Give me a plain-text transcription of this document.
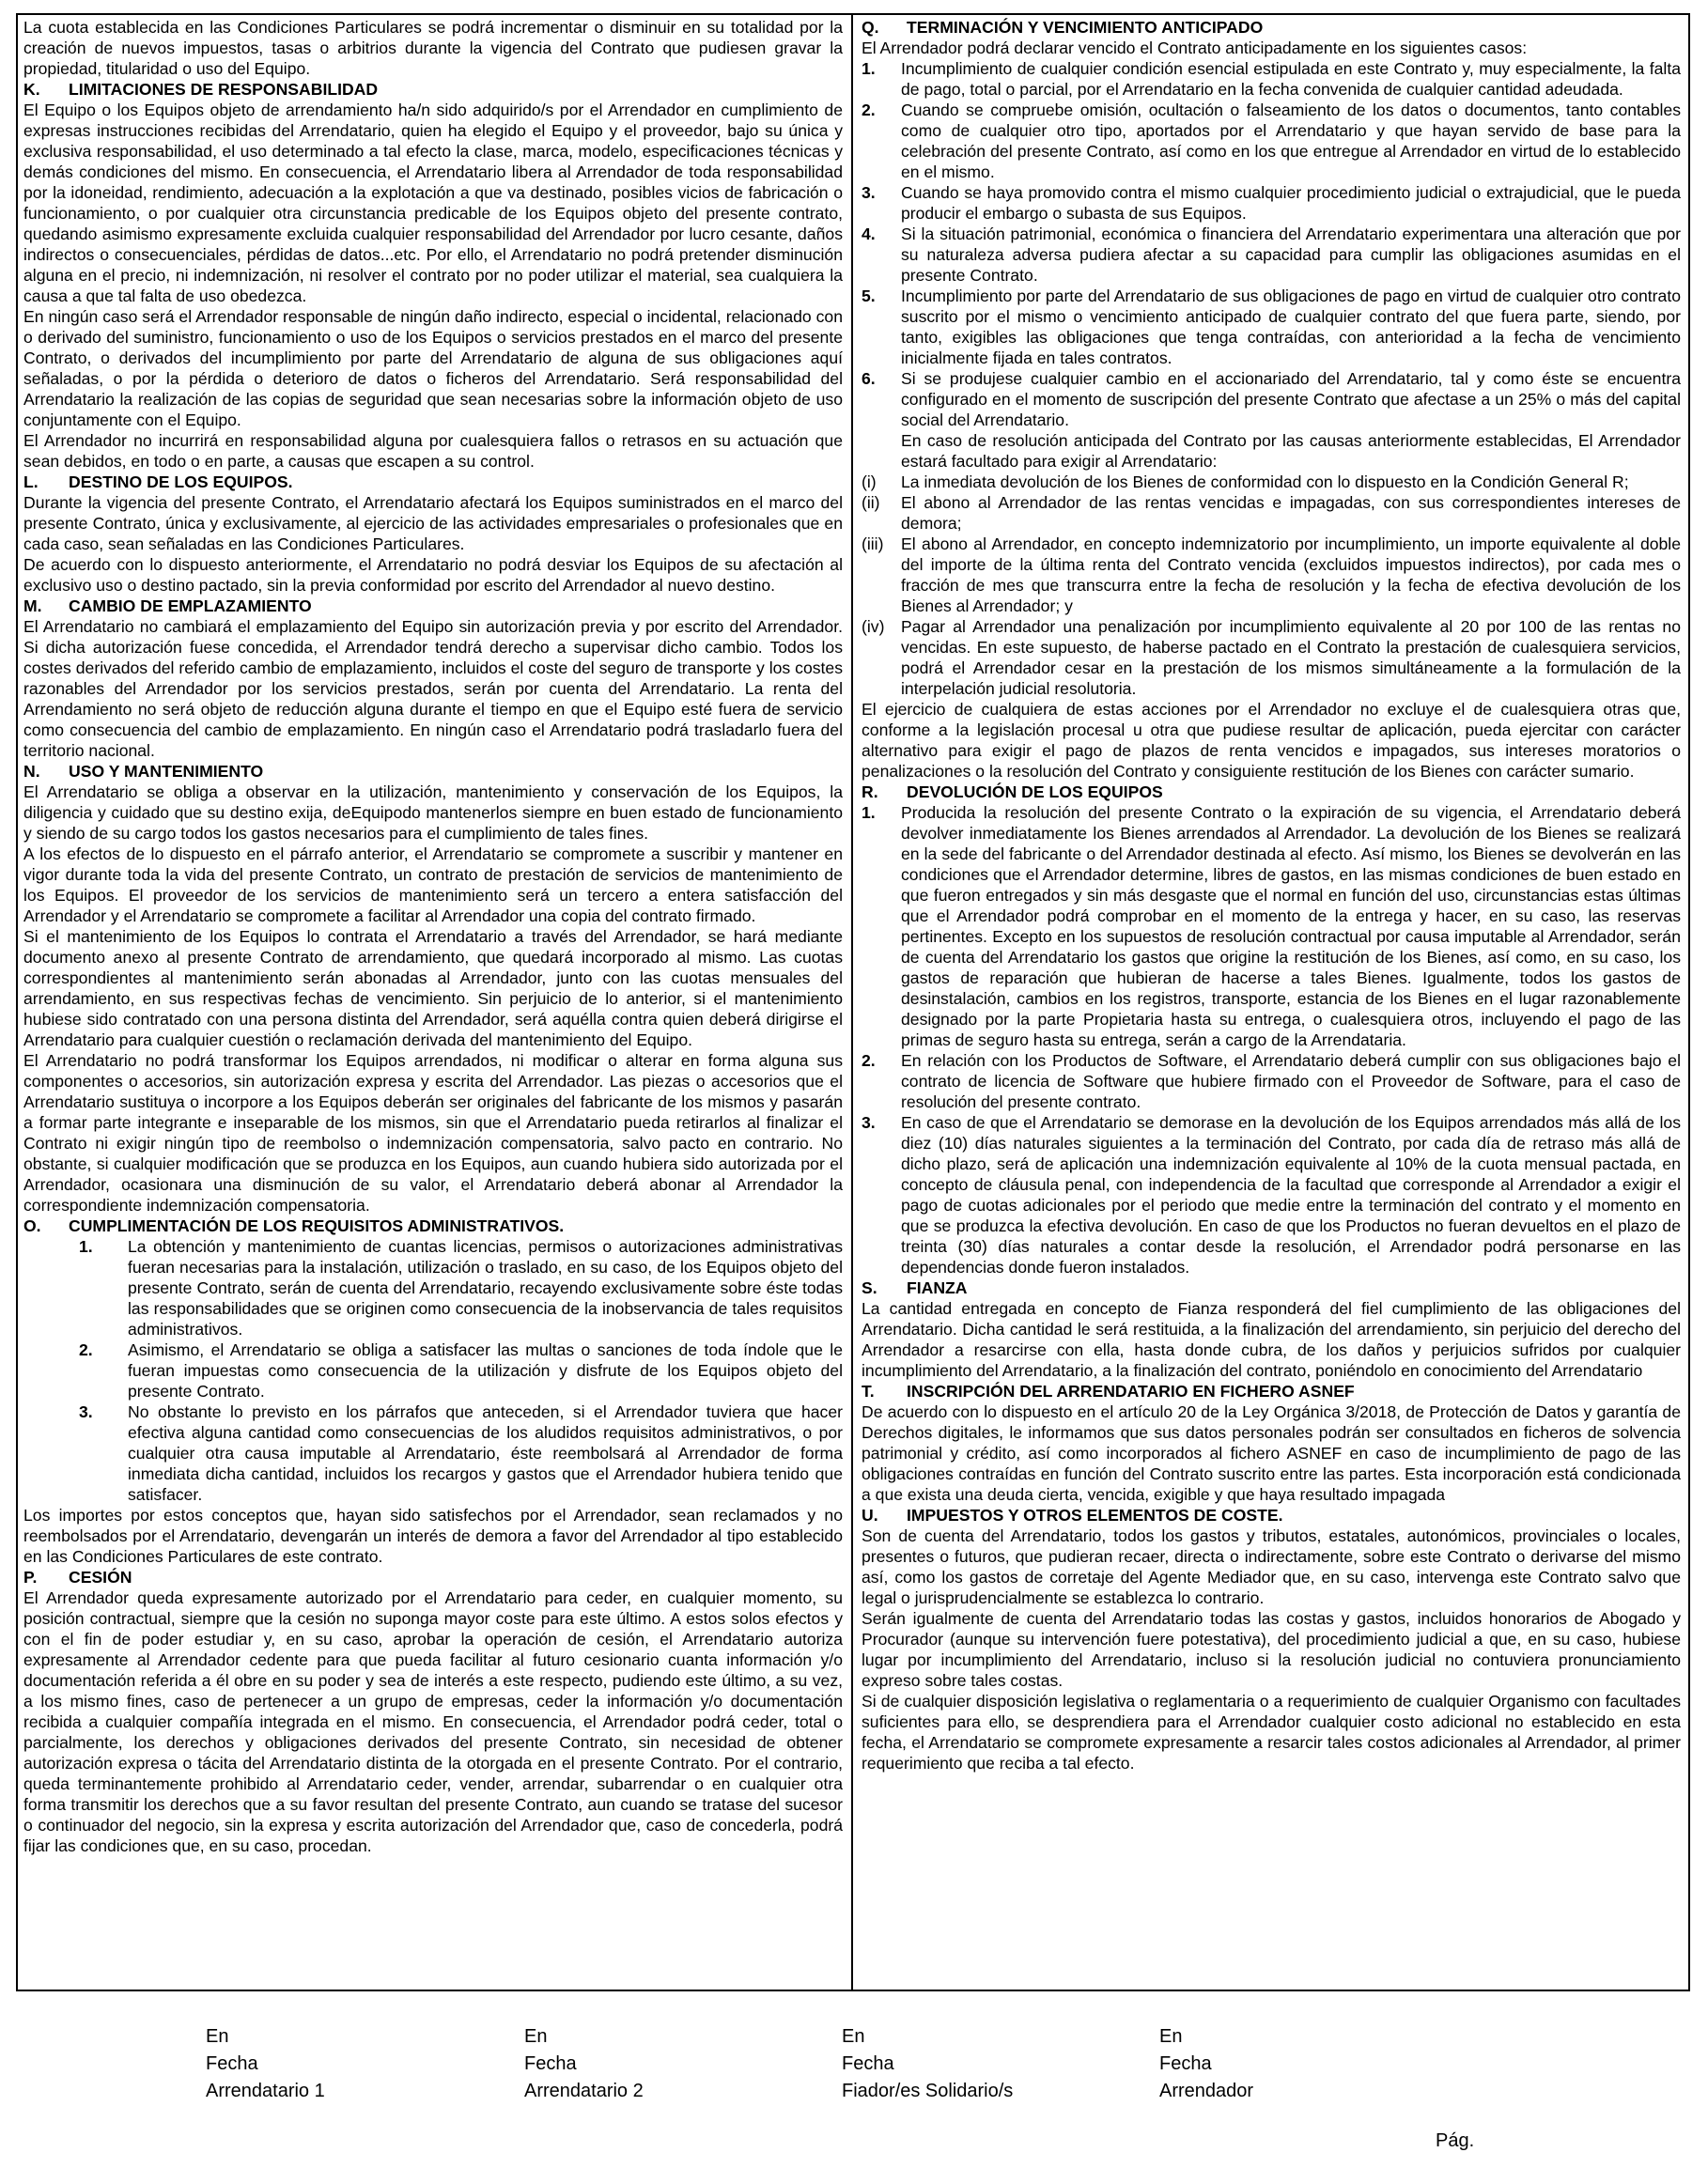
La cuota establecida en las Condiciones Particulares se podrá incrementar o disminuir en su totalidad por la creación de nuevos impuestos, tasas o arbitrios durante la vigencia del Contrato que pudiesen gravar la propiedad, titularidad o uso del Equipo.

K. LIMITACIONES DE RESPONSABILIDAD

El Equipo o los Equipos objeto de arrendamiento ha/n sido adquirido/s por el Arrendador en cumplimiento de expresas instrucciones recibidas del Arrendatario, quien ha elegido el Equipo y el proveedor, bajo su única y exclusiva responsabilidad, el uso determinado a tal efecto la clase, marca, modelo, especificaciones técnicas y demás condiciones del mismo. En consecuencia, el Arrendatario libera al Arrendador de toda responsabilidad por la idoneidad, rendimiento, adecuación a la explotación a que va destinado, posibles vicios de fabricación o funcionamiento, o por cualquier otra circunstancia predicable de los Equipos objeto del presente contrato, quedando asimismo expresamente excluida cualquier responsabilidad del Arrendador por lucro cesante, daños indirectos o consecuenciales, pérdidas de datos...etc. Por ello, el Arrendatario no podrá pretender disminución alguna en el precio, ni indemnización, ni resolver el contrato por no poder utilizar el material, sea cualquiera la causa a que tal falta de uso obedezca.

En ningún caso será el Arrendador responsable de ningún daño indirecto, especial o incidental, relacionado con o derivado del suministro, funcionamiento o uso de los Equipos o servicios prestados en el marco del presente Contrato, o derivados del incumplimiento por parte del Arrendatario de alguna de sus obligaciones aquí señaladas, o por la pérdida o deterioro de datos o ficheros del Arrendatario. Será responsabilidad del Arrendatario la realización de las copias de seguridad que sean necesarias sobre la información objeto de uso conjuntamente con el Equipo.

El Arrendador no incurrirá en responsabilidad alguna por cualesquiera fallos o retrasos en su actuación que sean debidos, en todo o en parte, a causas que escapen a su control.

L. DESTINO DE LOS EQUIPOS.

Durante la vigencia del presente Contrato, el Arrendatario afectará los Equipos suministrados en el marco del presente Contrato, única y exclusivamente, al ejercicio de las actividades empresariales o profesionales que en cada caso, sean señaladas en las Condiciones Particulares.

De acuerdo con lo dispuesto anteriormente, el Arrendatario no podrá desviar los Equipos de su afectación al exclusivo uso o destino pactado, sin la previa conformidad por escrito del Arrendador al nuevo destino.

M. CAMBIO DE EMPLAZAMIENTO

El Arrendatario no cambiará el emplazamiento del Equipo sin autorización previa y por escrito del Arrendador. Si dicha autorización fuese concedida, el Arrendador tendrá derecho a supervisar dicho cambio. Todos los costes derivados del referido cambio de emplazamiento, incluidos el coste del seguro de transporte y los costes razonables del Arrendador por los servicios prestados, serán por cuenta del Arrendatario. La renta del Arrendamiento no será objeto de reducción alguna durante el tiempo en que el Equipo esté fuera de servicio como consecuencia del cambio de emplazamiento. En ningún caso el Arrendatario podrá trasladarlo fuera del territorio nacional.

N. USO Y MANTENIMIENTO

El Arrendatario se obliga a observar en la utilización, mantenimiento y conservación de los Equipos, la diligencia y cuidado que su destino exija, deEquipodo mantenerlos siempre en buen estado de funcionamiento y siendo de su cargo todos los gastos necesarios para el cumplimiento de tales fines.

A los efectos de lo dispuesto en el párrafo anterior, el Arrendatario se compromete a suscribir y mantener en vigor durante toda la vida del presente Contrato, un contrato de prestación de servicios de mantenimiento de los Equipos. El proveedor de los servicios de mantenimiento será un tercero a entera satisfacción del Arrendador y el Arrendatario se compromete a facilitar al Arrendador una copia del contrato firmado.

Si el mantenimiento de los Equipos lo contrata el Arrendatario a través del Arrendador, se hará mediante documento anexo al presente Contrato de arrendamiento, que quedará incorporado al mismo. Las cuotas correspondientes al mantenimiento serán abonadas al Arrendador, junto con las cuotas mensuales del arrendamiento, en sus respectivas fechas de vencimiento. Sin perjuicio de lo anterior, si el mantenimiento hubiese sido contratado con una persona distinta del Arrendador, será aquélla contra quien deberá dirigirse el Arrendatario para cualquier cuestión o reclamación derivada del mantenimiento del Equipo.

El Arrendatario no podrá transformar los Equipos arrendados, ni modificar o alterar en forma alguna sus componentes o accesorios, sin autorización expresa y escrita del Arrendador. Las piezas o accesorios que el Arrendatario sustituya o incorpore a los Equipos deberán ser originales del fabricante de los mismos y pasarán a formar parte integrante e inseparable de los mismos, sin que el Arrendatario pueda retirarlos al finalizar el Contrato ni exigir ningún tipo de reembolso o indemnización compensatoria, salvo pacto en contrario. No obstante, si cualquier modificación que se produzca en los Equipos, aun cuando hubiera sido autorizada por el Arrendador, ocasionara una disminución de su valor, el Arrendatario deberá abonar al Arrendador la correspondiente indemnización compensatoria.

O. CUMPLIMENTACIÓN DE LOS REQUISITOS ADMINISTRATIVOS.
1.	La obtención y mantenimiento de cuantas licencias, permisos o autorizaciones administrativas fueran necesarias para la instalación, utilización o traslado, en su caso, de los Equipos objeto del presente Contrato, serán de cuenta del Arrendatario, recayendo exclusivamente sobre éste todas las responsabilidades que se originen como consecuencia de la inobservancia de tales requisitos administrativos.
2.	Asimismo, el Arrendatario se obliga a satisfacer las multas o sanciones de toda índole que le fueran impuestas como consecuencia de la utilización y disfrute de los Equipos objeto del presente Contrato.
3.	No obstante lo previsto en los párrafos que anteceden, si el Arrendador tuviera que hacer efectiva alguna cantidad como consecuencias de los aludidos requisitos administrativos, o por cualquier otra causa imputable al Arrendatario, éste reembolsará al Arrendador de forma inmediata dicha cantidad, incluidos los recargos y gastos que el Arrendador hubiera tenido que satisfacer.

Los importes por estos conceptos que, hayan sido satisfechos por el Arrendador, sean reclamados y no reembolsados por el Arrendatario, devengarán un interés de demora a favor del Arrendador al tipo establecido en las Condiciones Particulares de este contrato.

P. CESIÓN

El Arrendador queda expresamente autorizado por el Arrendatario para ceder, en cualquier momento, su posición contractual, siempre que la cesión no suponga mayor coste para este último. A estos solos efectos y con el fin de poder estudiar y, en su caso, aprobar la operación de cesión, el Arrendatario autoriza expresamente al Arrendador cedente para que pueda facilitar al futuro cesionario cuanta información y/o documentación referida a él obre en su poder y sea de interés a este respecto, pudiendo este último, a su vez, a los mismo fines, caso de pertenecer a un grupo de empresas, ceder la información y/o documentación recibida a cualquier compañía integrada en el mismo. En consecuencia, el Arrendador podrá ceder, total o parcialmente, los derechos y obligaciones derivados del presente Contrato, sin necesidad de obtener autorización expresa o tácita del Arrendatario distinta de la otorgada en el presente Contrato. Por el contrario, queda terminantemente prohibido al Arrendatario ceder, vender, arrendar, subarrendar o en cualquier otra forma transmitir los derechos que a su favor resultan del presente Contrato, aun cuando se tratase del sucesor o continuador del negocio, sin la expresa y escrita autorización del Arrendador que, caso de concederla, podrá fijar las condiciones que, en su caso, procedan.

Q. TERMINACIÓN Y VENCIMIENTO ANTICIPADO

El Arrendador podrá declarar vencido el Contrato anticipadamente en los siguientes casos:

1.	Incumplimiento de cualquier condición esencial estipulada en este Contrato y, muy especialmente, la falta de pago, total o parcial, por el Arrendatario en la fecha convenida de cualquier cantidad adeudada.
2.	Cuando se compruebe omisión, ocultación o falseamiento de los datos o documentos, tanto contables como de cualquier otro tipo, aportados por el Arrendatario y que hayan servido de base para la celebración del presente Contrato, así como en los que entregue al Arrendador en virtud de lo establecido en el mismo.
3.	Cuando se haya promovido contra el mismo cualquier procedimiento judicial o extrajudicial, que le pueda producir el embargo o subasta de sus Equipos.
4.	Si la situación patrimonial, económica o financiera del Arrendatario experimentara una alteración que por su naturaleza adversa pudiera afectar a su capacidad para cumplir las obligaciones asumidas en el presente Contrato.
5.	Incumplimiento por parte del Arrendatario de sus obligaciones de pago en virtud de cualquier otro contrato suscrito por el mismo o vencimiento anticipado de cualquier contrato del que fuera parte, siendo, por tanto, exigibles las obligaciones que tenga contraídas, con anterioridad a la fecha de vencimiento inicialmente fijada en tales contratos.
6.	Si se produjese cualquier cambio en el accionariado del Arrendatario, tal y como éste se encuentra configurado en el momento de suscripción del presente Contrato que afectase a un 25% o más del capital social del Arrendatario.

En caso de resolución anticipada del Contrato por las causas anteriormente establecidas, El Arrendador estará facultado para exigir al Arrendatario:

(i)	La inmediata devolución de los Bienes de conformidad con lo dispuesto en la Condición General R;
(ii)	El abono al Arrendador de las rentas vencidas e impagadas, con sus correspondientes intereses de demora;
(iii)	El abono al Arrendador, en concepto indemnizatorio por incumplimiento, un importe equivalente al doble del importe de la última renta del Contrato vencida (excluidos impuestos indirectos), por cada mes o fracción de mes que transcurra entre la fecha de resolución y la fecha de efectiva devolución de los Bienes al Arrendador; y
(iv) Pagar al Arrendador una penalización por incumplimiento equivalente al 20 por 100 de las rentas no vencidas. En este supuesto, de haberse pactado en el Contrato la prestación de cualesquiera servicios, podrá el Arrendador cesar en la prestación de los mismos simultáneamente a la formulación de la interpelación judicial resolutoria.

El ejercicio de cualquiera de estas acciones por el Arrendador no excluye el de cualesquiera otras que, conforme a la legislación procesal u otra que pudiese resultar de aplicación, pueda ejercitar con carácter alternativo para exigir el pago de plazos de renta vencidos e impagados, sus intereses moratorios o penalizaciones o la resolución del Contrato y consiguiente restitución de los Bienes con carácter sumario.

R. DEVOLUCIÓN DE LOS EQUIPOS
1.	Producida la resolución del presente Contrato o la expiración de su vigencia, el Arrendatario deberá devolver inmediatamente los Bienes arrendados al Arrendador. La devolución de los Bienes se realizará en la sede del fabricante o del Arrendador destinada al efecto. Así mismo, los Bienes se devolverán en las condiciones que el Arrendador determine, libres de gastos, en las mismas condiciones de buen estado en que fueron entregados y sin más desgaste que el normal en función del uso, circunstancias estas últimas que el Arrendador podrá comprobar en el momento de la entrega y hacer, en su caso, las reservas pertinentes. Excepto en los supuestos de resolución contractual por causa imputable al Arrendador, serán de cuenta del Arrendatario los gastos que origine la restitución de los Bienes, así como, en su caso, los gastos de reparación que hubieran de hacerse a tales Bienes. Igualmente, todos los gastos de desinstalación, cambios en los registros, transporte, estancia de los Bienes en el lugar razonablemente designado por la parte Propietaria hasta su entrega, o cualesquiera otros, incluyendo el pago de las primas de seguro hasta su entrega, serán a cargo de la Arrendataria.
2.	En relación con los Productos de Software, el Arrendatario deberá cumplir con sus obligaciones bajo el contrato de licencia de Software que hubiere firmado con el Proveedor de Software, para el caso de resolución del presente contrato.
3.	En caso de que el Arrendatario se demorase en la devolución de los Equipos arrendados más allá de los diez (10) días naturales siguientes a la terminación del Contrato, por cada día de retraso más allá de dicho plazo, será de aplicación una indemnización equivalente al 10% de la cuota mensual pactada, en concepto de cláusula penal, con independencia de la facultad que corresponde al Arrendador a exigir el pago de cuotas adicionales por el periodo que medie entre la terminación del contrato y el momento en que se produzca la efectiva devolución. En caso de que los Productos no fueran devueltos en el plazo de treinta (30) días naturales a contar desde la resolución, el Arrendador podrá personarse en las dependencias donde fueron instalados.
S. FIANZA

La cantidad entregada en concepto de Fianza responderá del fiel cumplimiento de las obligaciones del Arrendatario. Dicha cantidad le será restituida, a la finalización del arrendamiento, sin perjuicio del derecho del Arrendador a resarcirse con ella, hasta donde cubra, de los daños y perjuicios sufridos por cualquier incumplimiento del Arrendatario, a la finalización del contrato, poniéndolo en conocimiento del Arrendatario

T. INSCRIPCIÓN DEL ARRENDATARIO EN FICHERO ASNEF

De acuerdo con lo dispuesto en el artículo 20 de la Ley Orgánica 3/2018, de Protección de Datos y garantía de Derechos digitales, le informamos que sus datos personales podrán ser consultados en ficheros de solvencia patrimonial y crédito, así como incorporados al fichero ASNEF en caso de incumplimiento de pago de las obligaciones contraídas en función del Contrato suscrito entre las partes. Esta incorporación está condicionada a que exista una deuda cierta, vencida, exigible y que haya resultado impagada

U. IMPUESTOS Y OTROS ELEMENTOS DE COSTE.

Son de cuenta del Arrendatario, todos los gastos y tributos, estatales, autonómicos, provinciales o locales, presentes o futuros, que pudieran recaer, directa o indirectamente, sobre este Contrato o derivarse del mismo así, como los gastos de corretaje del Agente Mediador que, en su caso, intervenga este Contrato salvo que legal o jurisprudencialmente se establezca lo contrario.

Serán igualmente de cuenta del Arrendatario todas las costas y gastos, incluidos honorarios de Abogado y Procurador (aunque su intervención fuere potestativa), del procedimiento judicial a que, en su caso, hubiese lugar por incumplimiento del Arrendatario, incluso si la resolución judicial no contuviera pronunciamiento expreso sobre tales costas.

Si de cualquier disposición legislativa o reglamentaria o a requerimiento de cualquier Organismo con facultades suficientes para ello, se desprendiera para el Arrendador cualquier costo adicional no establecido en esta fecha, el Arrendatario se compromete expresamente a resarcir tales costos adicionales al Arrendador, al primer requerimiento que reciba a tal efecto.

En
Fecha
Arrendatario 1
En
Fecha
Arrendatario 2
En
Fecha
Fiador/es Solidario/s
En
Fecha
Arrendador
Pág.
